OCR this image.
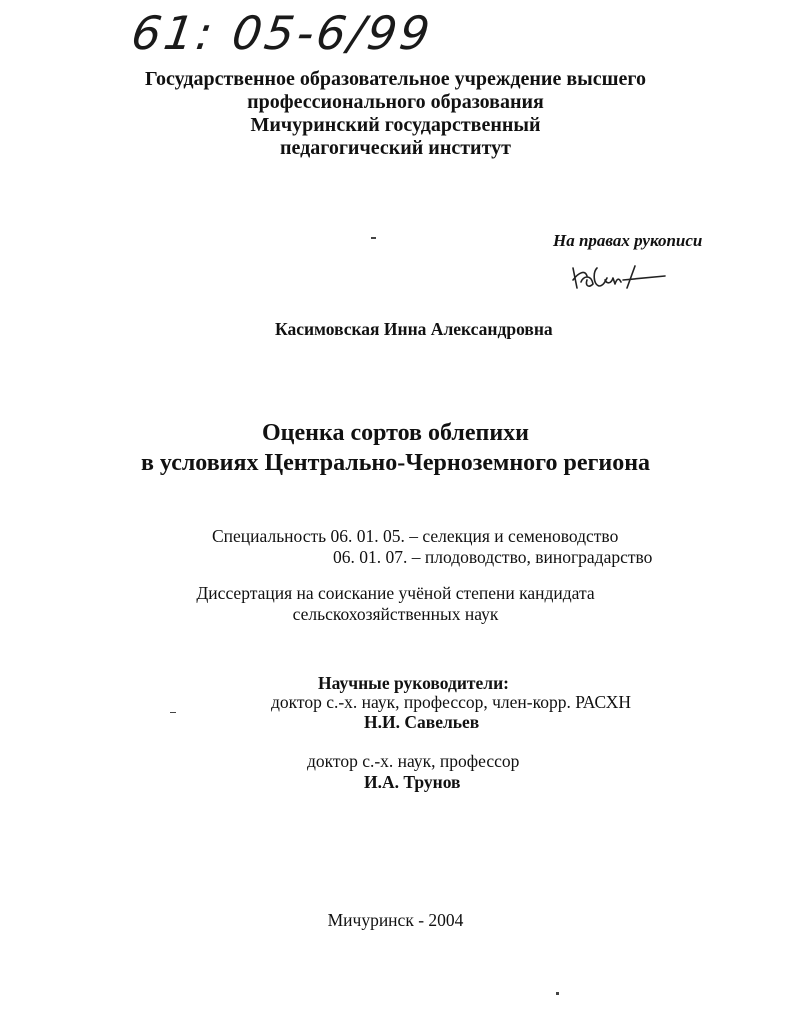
61: 05-6/99
Государственное образовательное учреждение высшего
профессионального образования
Мичуринский государственный
педагогический институт
На правах рукописи
Касимовская Инна Александровна
Оценка сортов облепихи
в условиях Центрально-Черноземного региона
Специальность 06. 01. 05. – селекция и семеноводство
06. 01. 07. – плодоводство, виноградарство
Диссертация на соискание учёной степени кандидата
сельскохозяйственных наук
Научные руководители:
доктор с.-х. наук, профессор, член-корр. РАСХН
Н.И. Савельев
доктор с.-х. наук, профессор
И.А. Трунов
Мичуринск - 2004
